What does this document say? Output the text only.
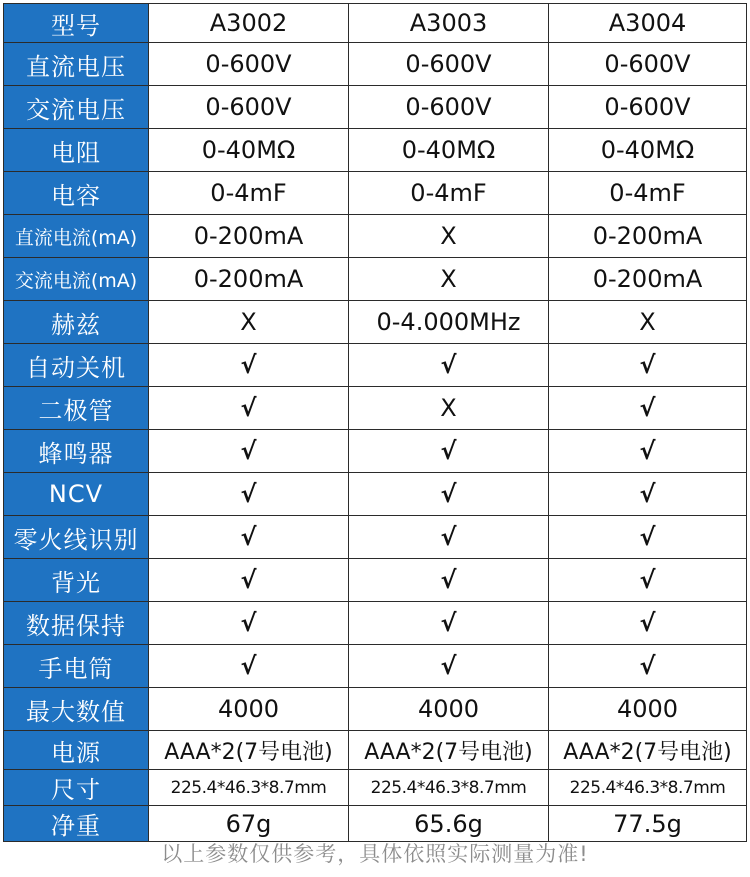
型号	A3002	A3003	A3004
直流电压	0-600V	0-600V	0-600V
交流电压	0-600V	0-600V	0-600V
电阻	0-40MΩ	0-40MΩ	0-40MΩ
电容	0-4mF	0-4mF	0-4mF
直流电流(mA)	0-200mA	X	0-200mA
交流电流(mA)	0-200mA	X	0-200mA
赫兹	X	0-4.000MHz	X
自动关机	√	√	√
二极管	√	X	√
蜂鸣器	√	√	√
NCV	√	√	√
零火线识别	√	√	√
背光	√	√	√
数据保持	√	√	√
手电筒	√	√	√
最大数值	4000	4000	4000
电源	AAA*2(7号电池)	AAA*2(7号电池)	AAA*2(7号电池)
尺寸	225.4*46.3*8.7mm	225.4*46.3*8.7mm	225.4*46.3*8.7mm
净重	67g	65.6g	77.5g
以上参数仅供参考，具体依照实际测量为准!
